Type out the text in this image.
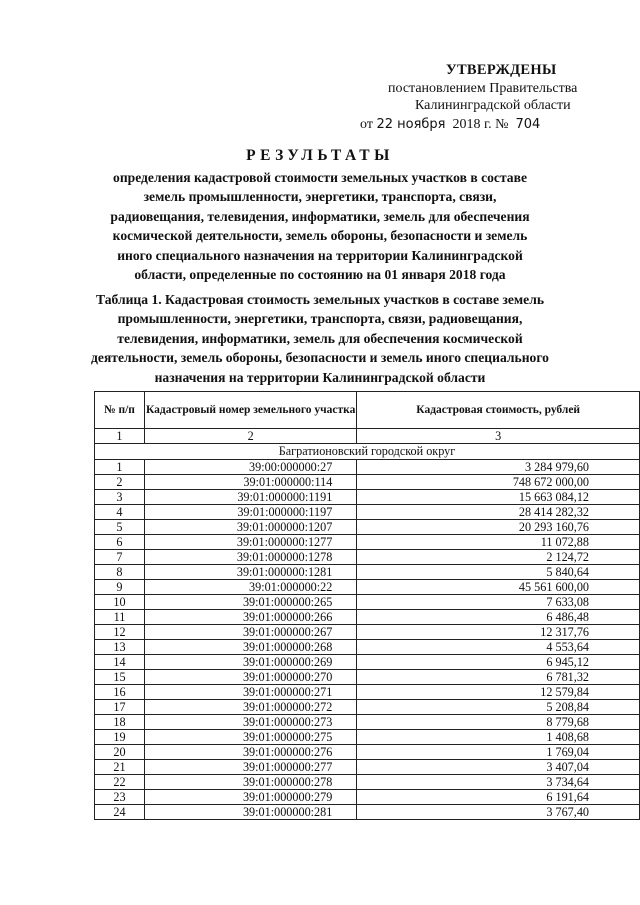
УТВЕРЖДЕНЫ
постановлением Правительства
Калининградской области
от 22 ноября 2018 г. № 704
РЕЗУЛЬТАТЫ
определения кадастровой стоимости земельных участков в составе земель промышленности, энергетики, транспорта, связи, радиовещания, телевидения, информатики, земель для обеспечения космической деятельности, земель обороны, безопасности и земель иного специального назначения на территории Калининградской области, определенные по состоянию на 01 января 2018 года
Таблица 1. Кадастровая стоимость земельных участков в составе земель промышленности, энергетики, транспорта, связи, радиовещания, телевидения, информатики, земель для обеспечения космической деятельности, земель обороны, безопасности и земель иного специального назначения на территории Калининградской области
№ п/п	Кадастровый номер земельного участка	Кадастровая стоимость, рублей
1	2	3
Багратионовский городской округ		
1	39:00:000000:27	3 284 979,60
2	39:01:000000:114	748 672 000,00
3	39:01:000000:1191	15 663 084,12
4	39:01:000000:1197	28 414 282,32
5	39:01:000000:1207	20 293 160,76
6	39:01:000000:1277	11 072,88
7	39:01:000000:1278	2 124,72
8	39:01:000000:1281	5 840,64
9	39:01:000000:22	45 561 600,00
10	39:01:000000:265	7 633,08
11	39:01:000000:266	6 486,48
12	39:01:000000:267	12 317,76
13	39:01:000000:268	4 553,64
14	39:01:000000:269	6 945,12
15	39:01:000000:270	6 781,32
16	39:01:000000:271	12 579,84
17	39:01:000000:272	5 208,84
18	39:01:000000:273	8 779,68
19	39:01:000000:275	1 408,68
20	39:01:000000:276	1 769,04
21	39:01:000000:277	3 407,04
22	39:01:000000:278	3 734,64
23	39:01:000000:279	6 191,64
24	39:01:000000:281	3 767,40
